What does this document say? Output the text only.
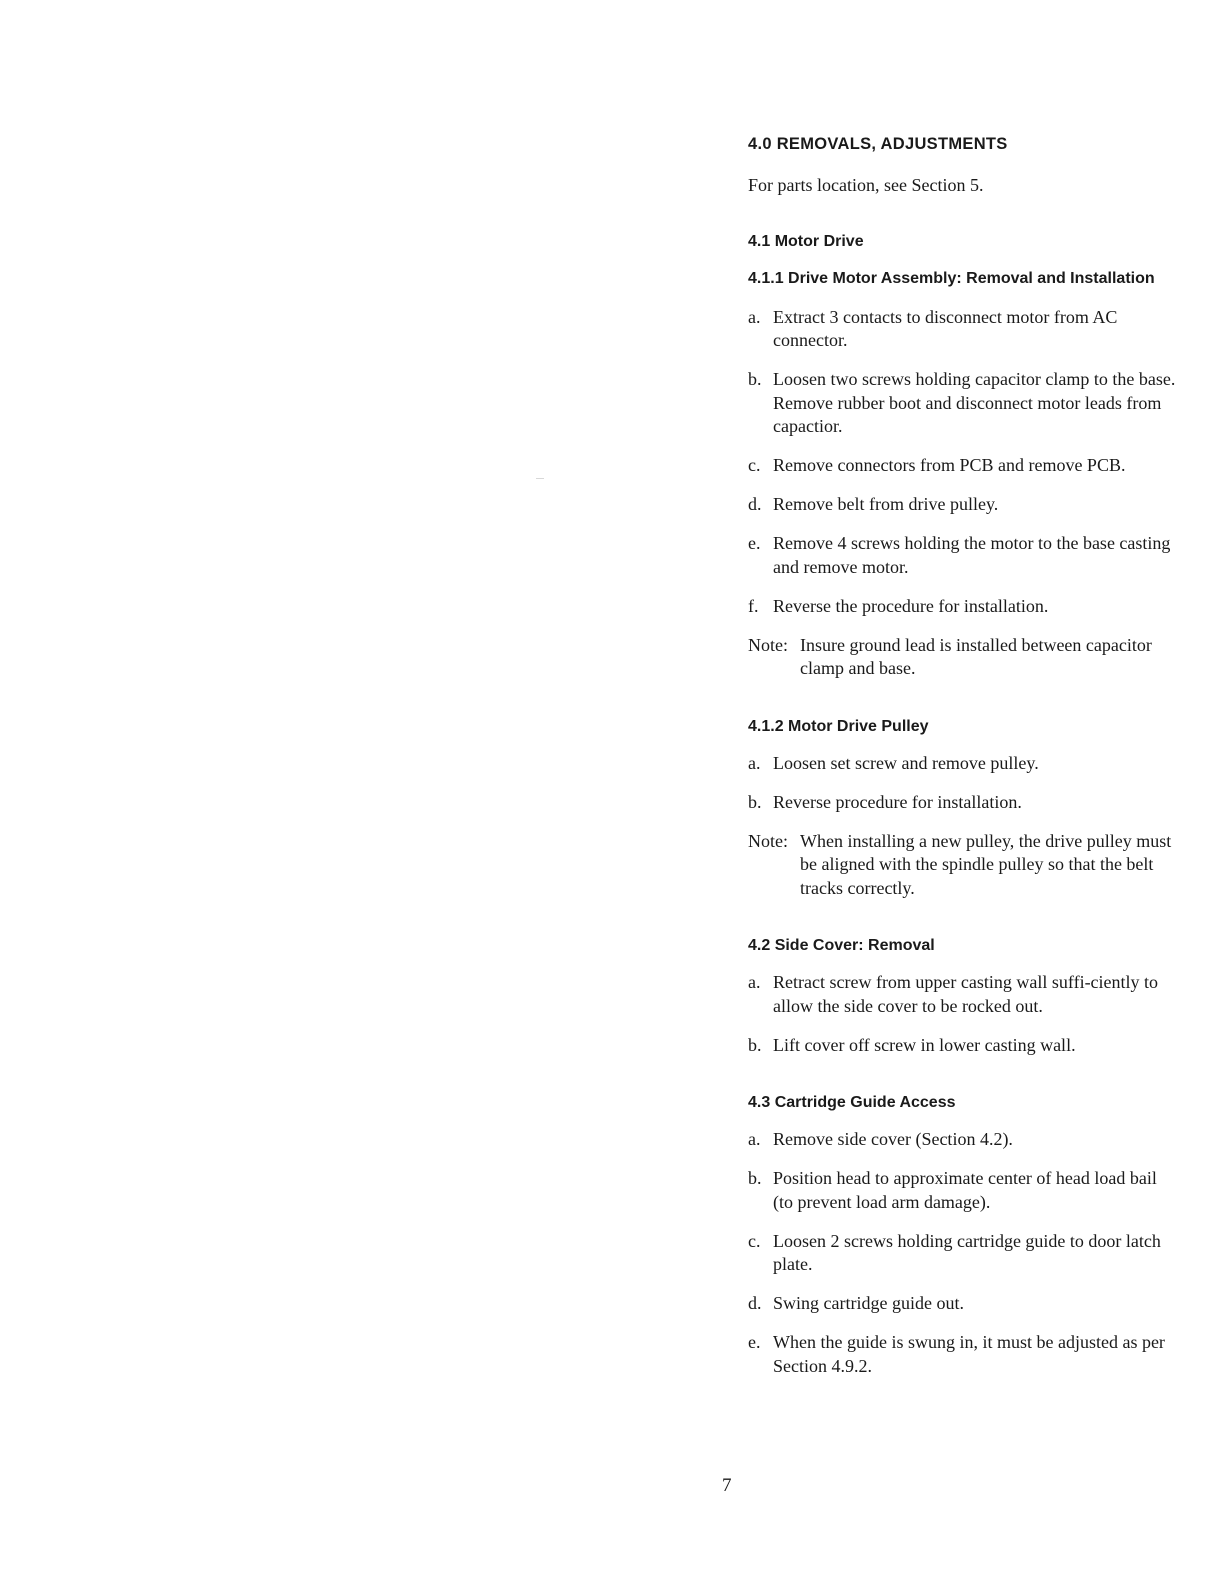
4.0 REMOVALS, ADJUSTMENTS
For parts location, see Section 5.
4.1 Motor Drive
4.1.1 Drive Motor Assembly: Removal and Installation
a. Extract 3 contacts to disconnect motor from AC connector.
b. Loosen two screws holding capacitor clamp to the base. Remove rubber boot and disconnect motor leads from capactior.
c. Remove connectors from PCB and remove PCB.
d. Remove belt from drive pulley.
e. Remove 4 screws holding the motor to the base casting and remove motor.
f. Reverse the procedure for installation.
Note: Insure ground lead is installed between capacitor clamp and base.
4.1.2 Motor Drive Pulley
a. Loosen set screw and remove pulley.
b. Reverse procedure for installation.
Note: When installing a new pulley, the drive pulley must be aligned with the spindle pulley so that the belt tracks correctly.
4.2 Side Cover: Removal
a. Retract screw from upper casting wall suffi-ciently to allow the side cover to be rocked out.
b. Lift cover off screw in lower casting wall.
4.3 Cartridge Guide Access
a. Remove side cover (Section 4.2).
b. Position head to approximate center of head load bail (to prevent load arm damage).
c. Loosen 2 screws holding cartridge guide to door latch plate.
d. Swing cartridge guide out.
e. When the guide is swung in, it must be adjusted as per Section 4.9.2.
7
